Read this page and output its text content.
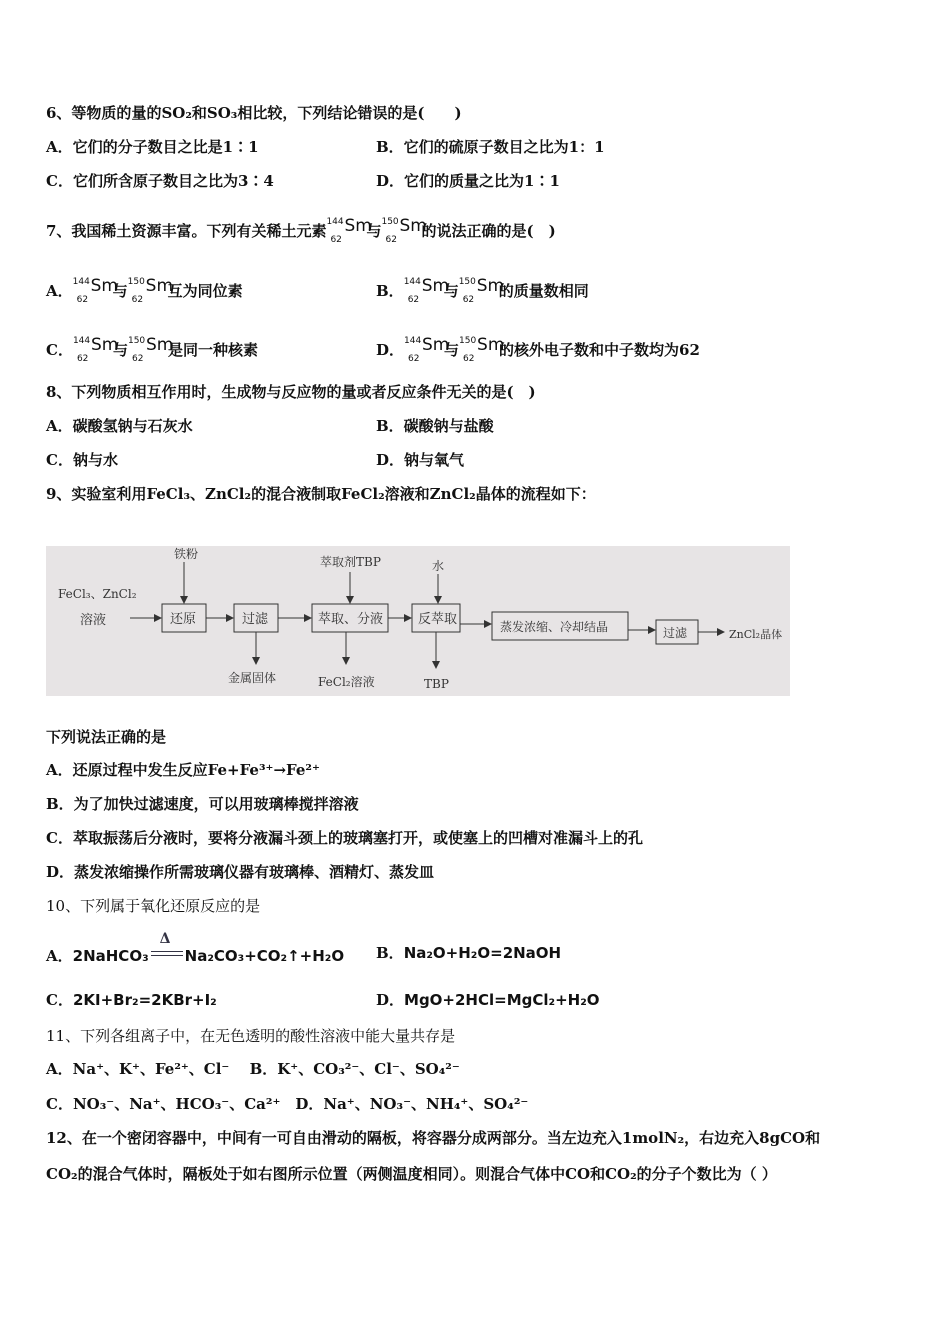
6、等物质的量的SO₂和SO₃相比较，下列结论错误的是(　　)
A．它们的分子数目之比是1∶1	B．它们的硫原子数目之比为1：1
C．它们所含原子数目之比为3∶4	D．它们的质量之比为1∶1
7、我国稀土资源丰富。下列有关稀土元素 144
62
Sm
与 150
62
Sm
的说法正确的是(　)
A． 144
62
Sm
与 150
62
Sm
互为同位素	B． 144
62
Sm
与 150
62
Sm
的质量数相同
C． 144
62
Sm
与 150
62
Sm
是同一种核素	D． 144
62
Sm
与 150
62
Sm
的核外电子数和中子数均为62
8、下列物质相互作用时，生成物与反应物的量或者反应条件无关的是(　)
A．碳酸氢钠与石灰水	B．碳酸钠与盐酸
C．钠与水	D．钠与氧气
9、实验室利用FeCl₃、ZnCl₂的混合液制取FeCl₂溶液和ZnCl₂晶体的流程如下：
FeCl₃、ZnCl₂
溶液	还原	过滤	萃取、分液	反萃取	蒸发浓缩、冷却结晶	过滤	ZnCl₂晶体
铁粉
萃取剂TBP	水
金属固体	FeCl₂溶液	TBP
下列说法正确的是
A．还原过程中发生反应Fe+Fe³⁺→Fe²⁺
B．为了加快过滤速度，可以用玻璃棒搅拌溶液
C．萃取振荡后分液时，要将分液漏斗颈上的玻璃塞打开，或使塞上的凹槽对准漏斗上的孔
D．蒸发浓缩操作所需玻璃仪器有玻璃棒、酒精灯、蒸发皿
10、下列属于氧化还原反应的是
A．2NaHCO₃
Δ
Na₂CO₃+CO₂↑+H₂O B．Na₂O+H₂O=2NaOH
C．2KI+Br₂=2KBr+I₂	D．MgO+2HCl=MgCl₂+H₂O
11、下列各组离子中，在无色透明的酸性溶液中能大量共存是
A．Na⁺、K⁺、Fe²⁺、Cl⁻　 B．K⁺、CO₃²⁻、Cl⁻、SO₄²⁻
C．NO₃⁻、Na⁺、HCO₃⁻、Ca²⁺　D．Na⁺、NO₃⁻、NH₄⁺、SO₄²⁻
12、在一个密闭容器中，中间有一可自由滑动的隔板，将容器分成两部分。当左边充入1molN₂，右边充入8gCO和
CO₂的混合气体时，隔板处于如右图所示位置（两侧温度相同）。则混合气体中CO和CO₂的分子个数比为（ ）
